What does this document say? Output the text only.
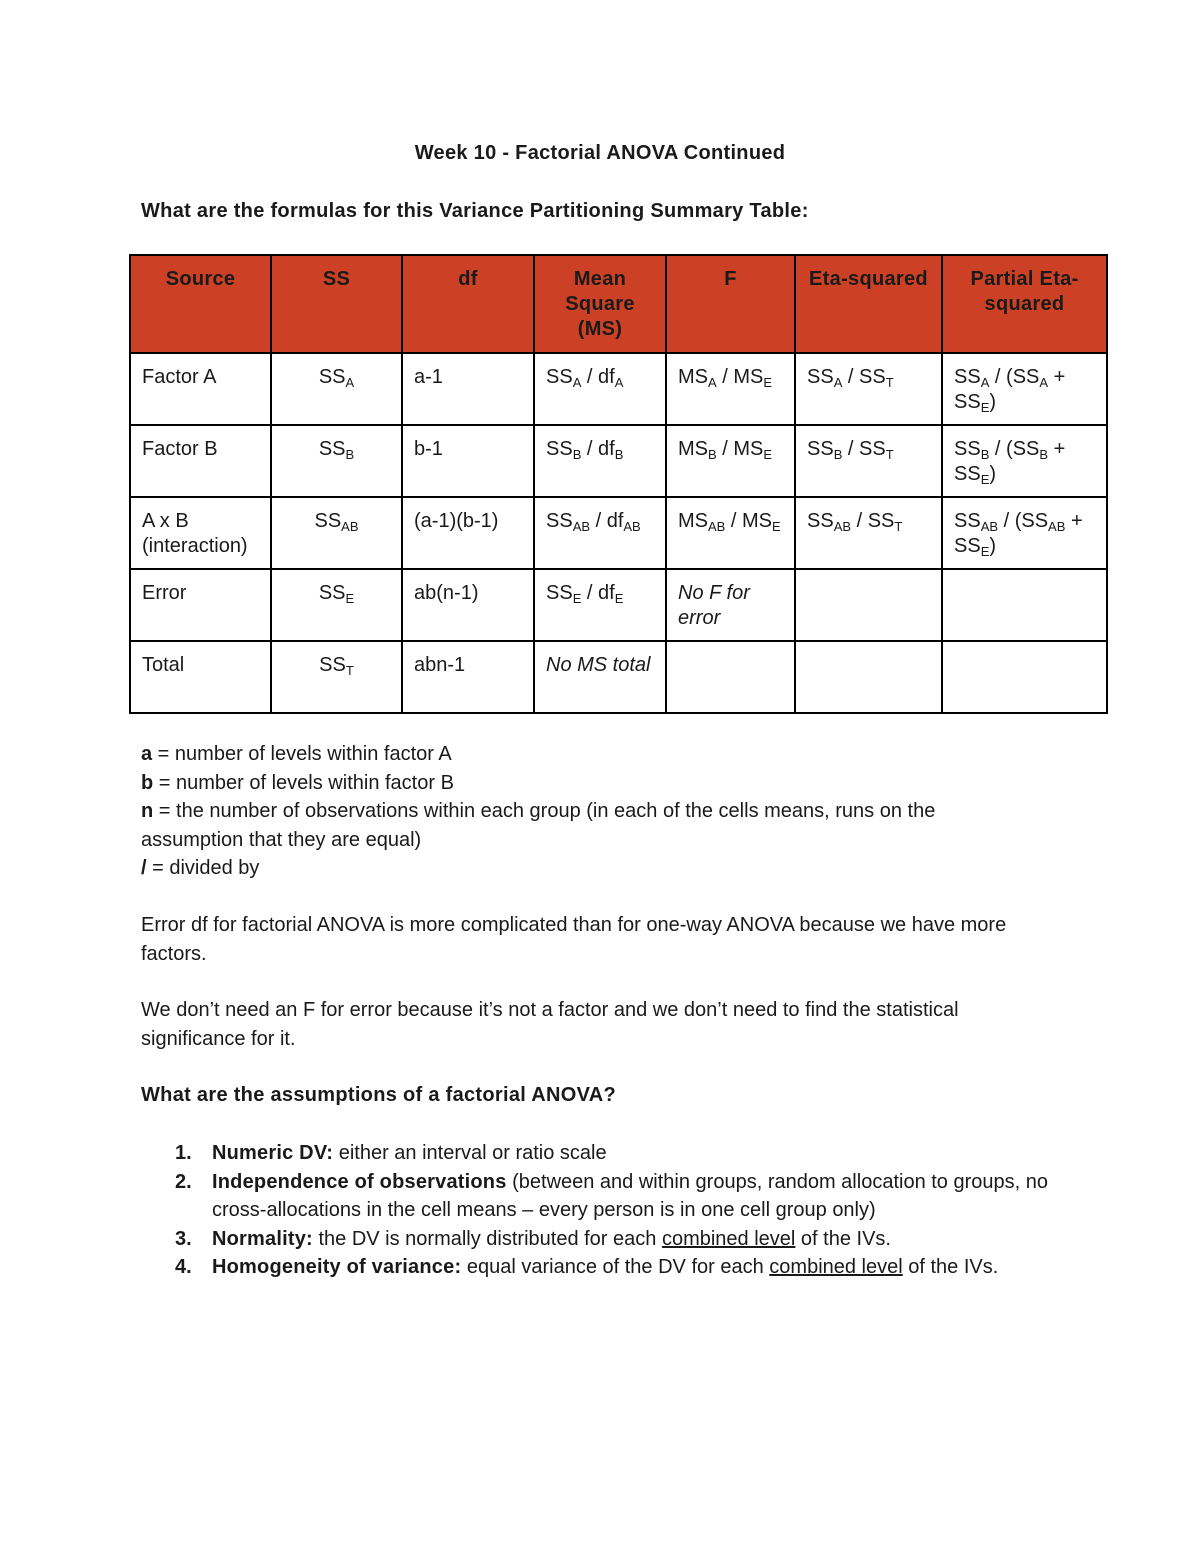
Week 10 - Factorial ANOVA Continued
What are the formulas for this Variance Partitioning Summary Table:
Source	SS	df	Mean Square (MS)	F	Eta-squared	Partial Eta-squared
Factor A	$SS_A$	a-1	$SS_A / df_A$	$MS_A / MS_E$	$SS_A / SS_T$	$SS_A / (SS_A + SS_E)$
Factor B	$SS_B$	b-1	$SS_B / df_B$	$MS_B / MS_E$	$SS_B / SS_T$	$SS_B / (SS_B + SS_E)$
A x B (interaction)	$SS_{AB}$	(a-1)(b-1)	$SS_{AB} / df_{AB}$	$MS_{AB} / MS_E$	$SS_{AB} / SS_T$	$SS_{AB} / (SS_{AB} + SS_E)$
Error	$SS_E$	ab(n-1)	$SS_E / df_E$	No F for error		
Total	$SS_T$	abn-1	No MS total			
a = number of levels within factor A
b = number of levels within factor B
n = the number of observations within each group (in each of the cells means, runs on the assumption that they are equal)
/ = divided by
Error df for factorial ANOVA is more complicated than for one-way ANOVA because we have more factors.
We don’t need an F for error because it’s not a factor and we don’t need to find the statistical significance for it.
What are the assumptions of a factorial ANOVA?
1. Numeric DV: either an interval or ratio scale
2. Independence of observations (between and within groups, random allocation to groups, no cross-allocations in the cell means – every person is in one cell group only)
3. Normality: the DV is normally distributed for each combined level of the IVs.
4. Homogeneity of variance: equal variance of the DV for each combined level of the IVs.
